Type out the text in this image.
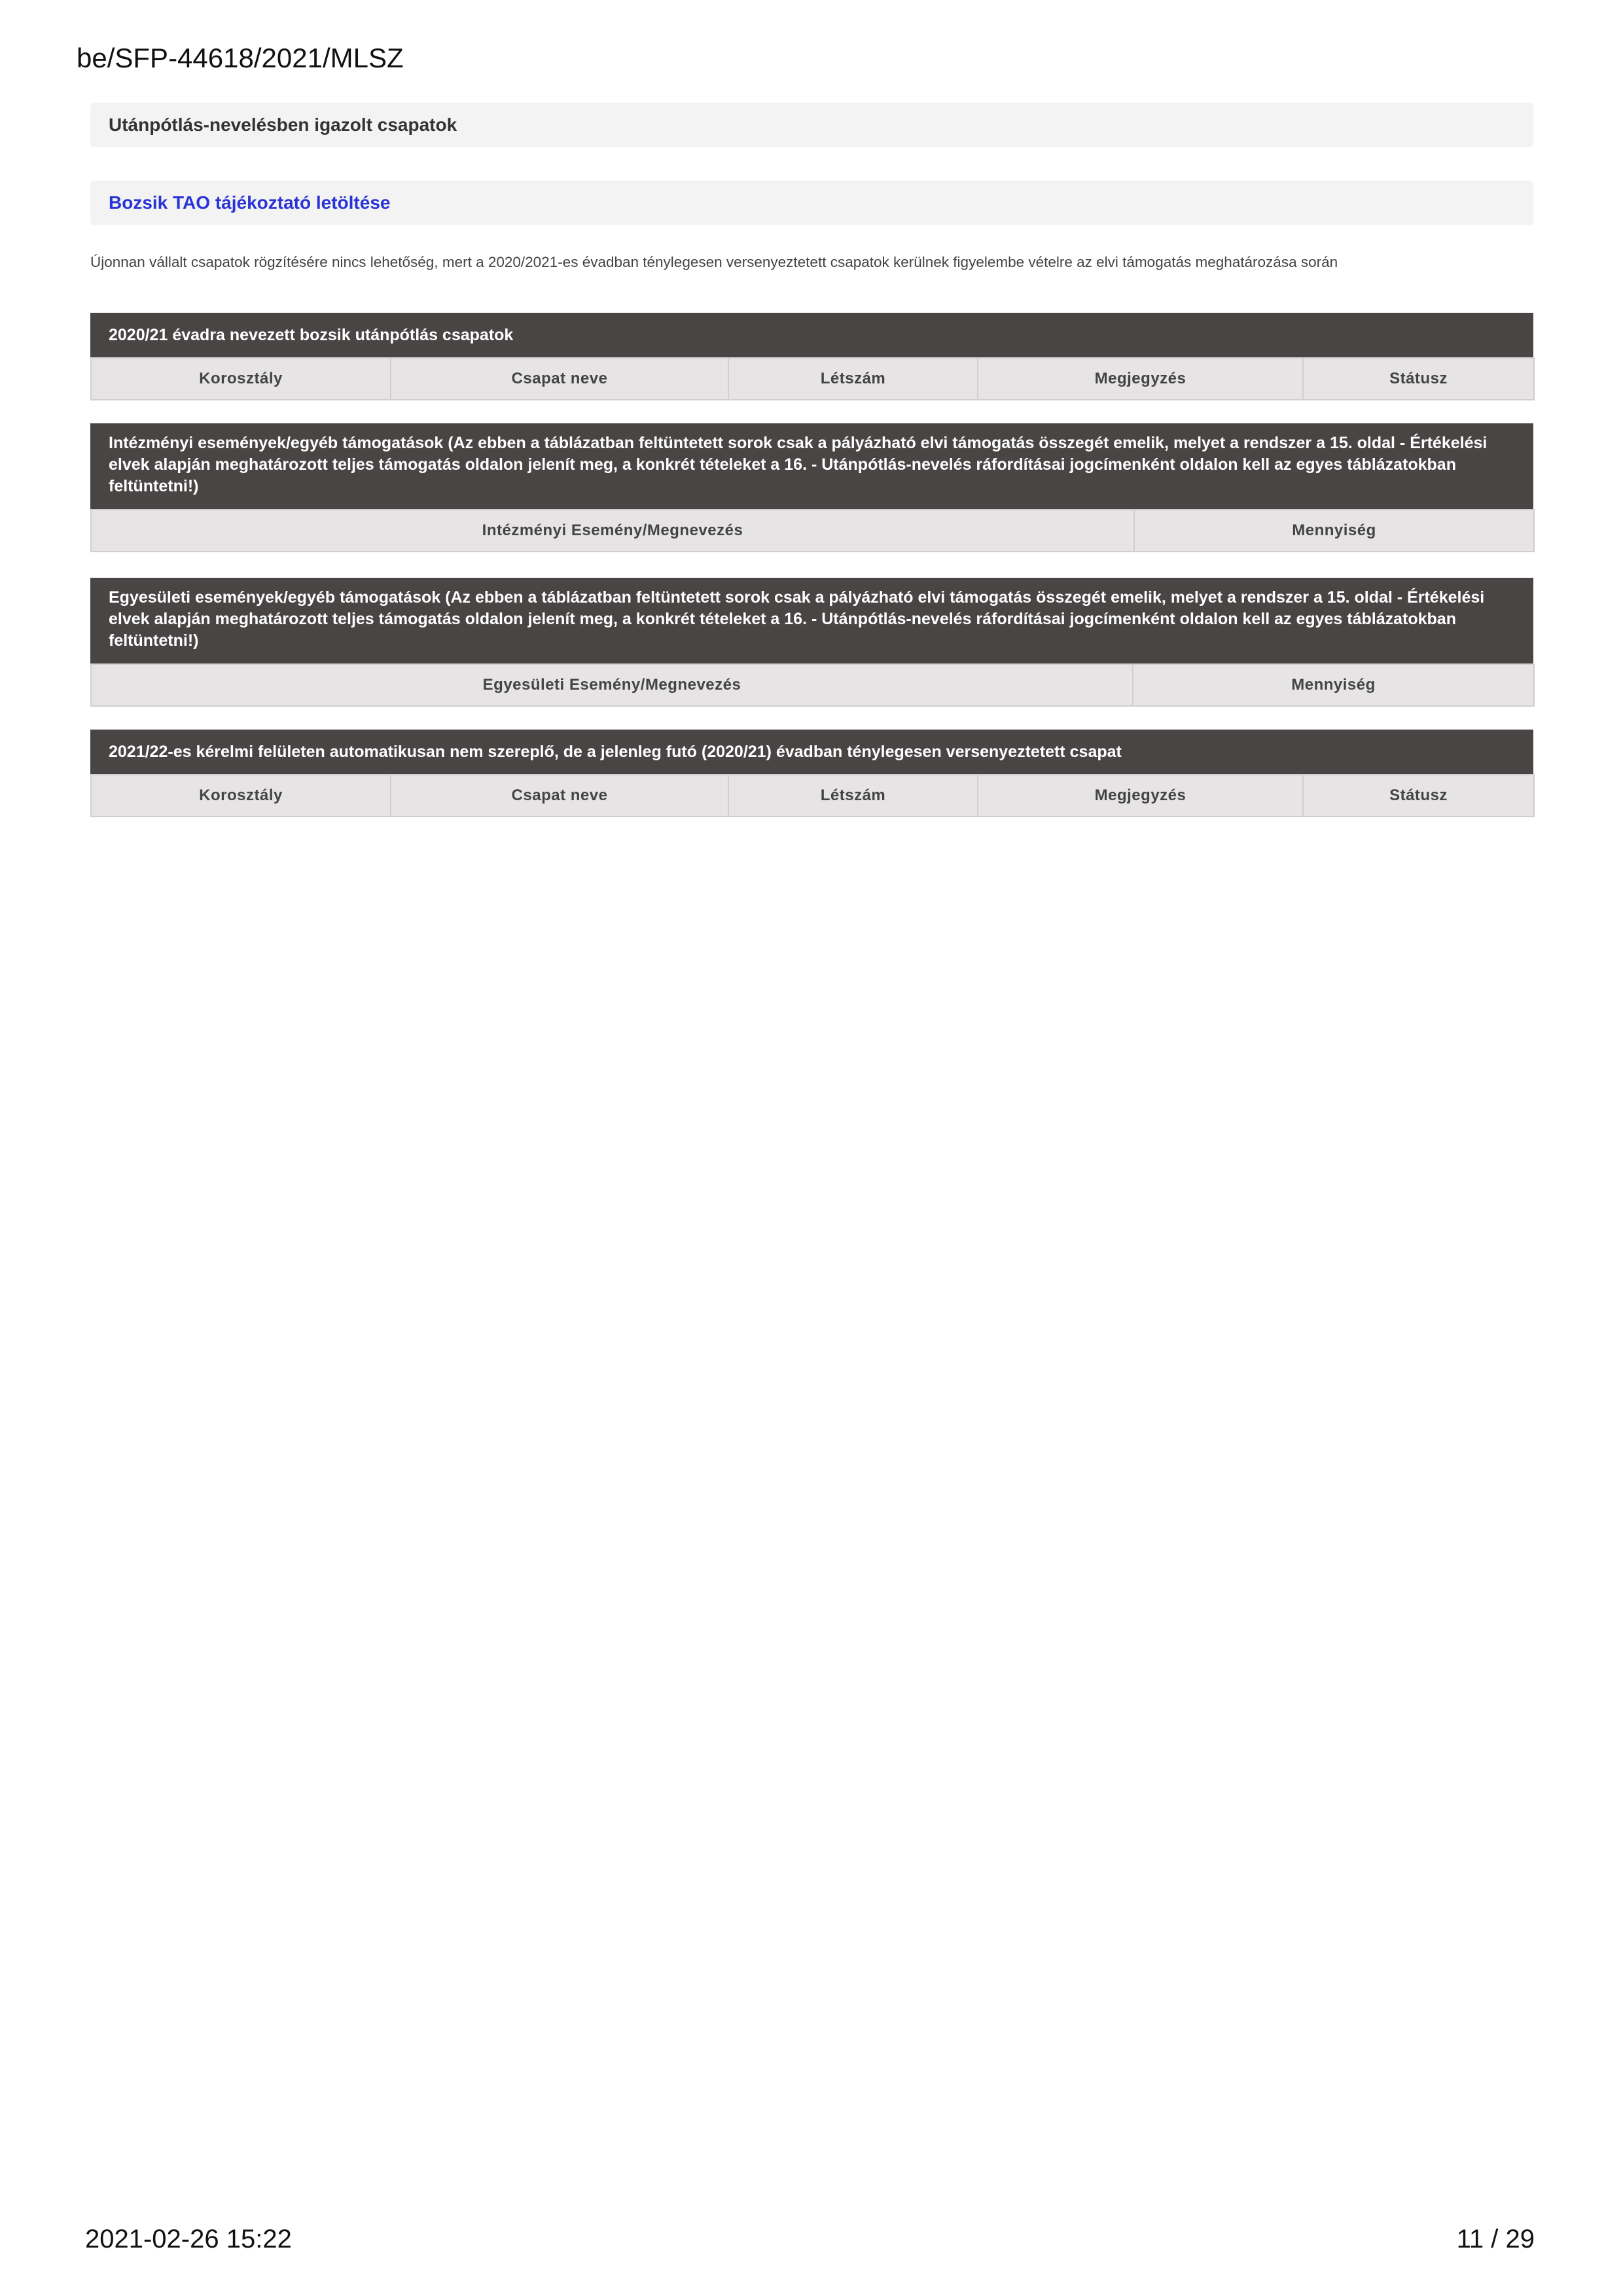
be/SFP-44618/2021/MLSZ
Utánpótlás-nevelésben igazolt csapatok
Bozsik TAO tájékoztató letöltése
Újonnan vállalt csapatok rögzítésére nincs lehetőség, mert a 2020/2021-es évadban ténylegesen versenyeztetett csapatok kerülnek figyelembe vételre az elvi támogatás meghatározása során
2020/21 évadra nevezett bozsik utánpótlás csapatok
Korosztály	Csapat neve	Létszám	Megjegyzés	Státusz
Intézményi események/egyéb támogatások (Az ebben a táblázatban feltüntetett sorok csak a pályázható elvi támogatás összegét emelik, melyet a rendszer a 15. oldal - Értékelési elvek alapján meghatározott teljes támogatás oldalon jelenít meg, a konkrét tételeket a 16. - Utánpótlás-nevelés ráfordításai jogcímenként oldalon kell az egyes táblázatokban feltüntetni!)
Intézményi Esemény/Megnevezés	Mennyiség
Egyesületi események/egyéb támogatások (Az ebben a táblázatban feltüntetett sorok csak a pályázható elvi támogatás összegét emelik, melyet a rendszer a 15. oldal - Értékelési elvek alapján meghatározott teljes támogatás oldalon jelenít meg, a konkrét tételeket a 16. - Utánpótlás-nevelés ráfordításai jogcímenként oldalon kell az egyes táblázatokban feltüntetni!)
Egyesületi Esemény/Megnevezés	Mennyiség
2021/22-es kérelmi felületen automatikusan nem szereplő, de a jelenleg futó (2020/21) évadban ténylegesen versenyeztetett csapat
Korosztály	Csapat neve	Létszám	Megjegyzés	Státusz
2021-02-26 15:22	11 / 29
